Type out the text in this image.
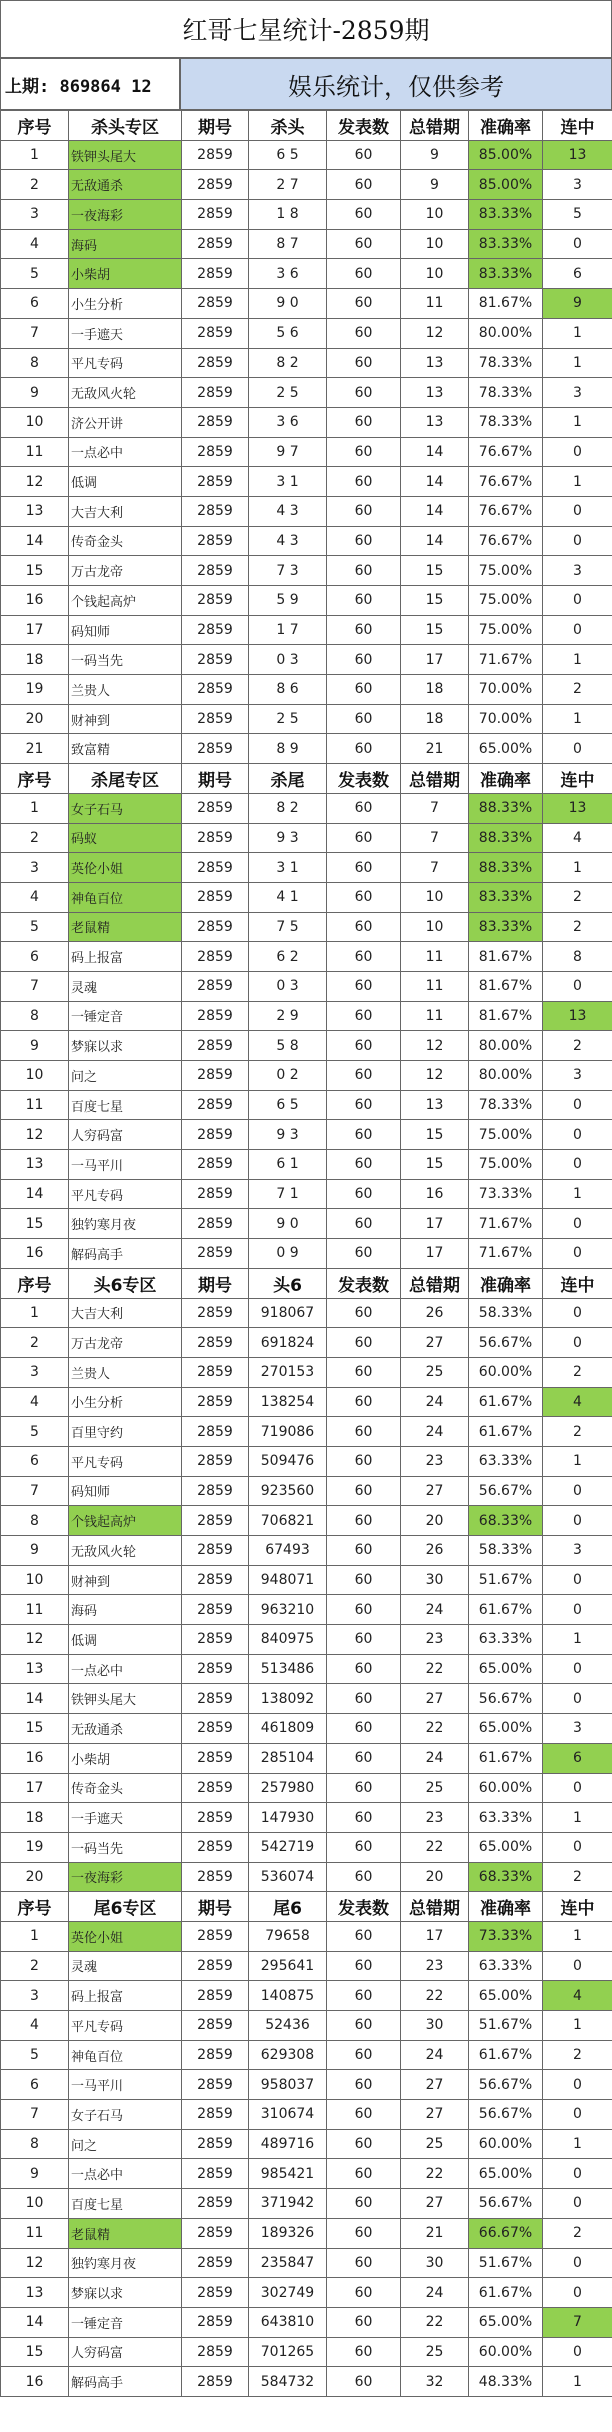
红哥七星统计-2859期
上期: 869864 12	娱乐统计，仅供参考
序号	杀头专区	期号	杀头	发表数	总错期	准确率	连中
1	铁钾头尾大	2859	6 5	60	9	85.00%	13
2	无敌通杀	2859	2 7	60	9	85.00%	3
3	一夜海彩	2859	1 8	60	10	83.33%	5
4	海码	2859	8 7	60	10	83.33%	0
5	小柴胡	2859	3 6	60	10	83.33%	6
6	小生分析	2859	9 0	60	11	81.67%	9
7	一手遮天	2859	5 6	60	12	80.00%	1
8	平凡专码	2859	8 2	60	13	78.33%	1
9	无敌风火轮	2859	2 5	60	13	78.33%	3
10	济公开讲	2859	3 6	60	13	78.33%	1
11	一点必中	2859	9 7	60	14	76.67%	0
12	低调	2859	3 1	60	14	76.67%	1
13	大吉大利	2859	4 3	60	14	76.67%	0
14	传奇金头	2859	4 3	60	14	76.67%	0
15	万古龙帝	2859	7 3	60	15	75.00%	3
16	个钱起高炉	2859	5 9	60	15	75.00%	0
17	码知师	2859	1 7	60	15	75.00%	0
18	一码当先	2859	0 3	60	17	71.67%	1
19	兰贵人	2859	8 6	60	18	70.00%	2
20	财神到	2859	2 5	60	18	70.00%	1
21	致富精	2859	8 9	60	21	65.00%	0
序号	杀尾专区	期号	杀尾	发表数	总错期	准确率	连中
1	女子石马	2859	8 2	60	7	88.33%	13
2	码蚁	2859	9 3	60	7	88.33%	4
3	英伦小姐	2859	3 1	60	7	88.33%	1
4	神龟百位	2859	4 1	60	10	83.33%	2
5	老鼠精	2859	7 5	60	10	83.33%	2
6	码上报富	2859	6 2	60	11	81.67%	8
7	灵魂	2859	0 3	60	11	81.67%	0
8	一锤定音	2859	2 9	60	11	81.67%	13
9	梦寐以求	2859	5 8	60	12	80.00%	2
10	问之	2859	0 2	60	12	80.00%	3
11	百度七星	2859	6 5	60	13	78.33%	0
12	人穷码富	2859	9 3	60	15	75.00%	0
13	一马平川	2859	6 1	60	15	75.00%	0
14	平凡专码	2859	7 1	60	16	73.33%	1
15	独钓寒月夜	2859	9 0	60	17	71.67%	0
16	解码高手	2859	0 9	60	17	71.67%	0
序号	头6专区	期号	头6	发表数	总错期	准确率	连中
1	大吉大利	2859	918067	60	26	58.33%	0
2	万古龙帝	2859	691824	60	27	56.67%	0
3	兰贵人	2859	270153	60	25	60.00%	2
4	小生分析	2859	138254	60	24	61.67%	4
5	百里守约	2859	719086	60	24	61.67%	2
6	平凡专码	2859	509476	60	23	63.33%	1
7	码知师	2859	923560	60	27	56.67%	0
8	个钱起高炉	2859	706821	60	20	68.33%	0
9	无敌风火轮	2859	67493	60	26	58.33%	3
10	财神到	2859	948071	60	30	51.67%	0
11	海码	2859	963210	60	24	61.67%	0
12	低调	2859	840975	60	23	63.33%	1
13	一点必中	2859	513486	60	22	65.00%	0
14	铁钾头尾大	2859	138092	60	27	56.67%	0
15	无敌通杀	2859	461809	60	22	65.00%	3
16	小柴胡	2859	285104	60	24	61.67%	6
17	传奇金头	2859	257980	60	25	60.00%	0
18	一手遮天	2859	147930	60	23	63.33%	1
19	一码当先	2859	542719	60	22	65.00%	0
20	一夜海彩	2859	536074	60	20	68.33%	2
序号	尾6专区	期号	尾6	发表数	总错期	准确率	连中
1	英伦小姐	2859	79658	60	17	73.33%	1
2	灵魂	2859	295641	60	23	63.33%	0
3	码上报富	2859	140875	60	22	65.00%	4
4	平凡专码	2859	52436	60	30	51.67%	1
5	神龟百位	2859	629308	60	24	61.67%	2
6	一马平川	2859	958037	60	27	56.67%	0
7	女子石马	2859	310674	60	27	56.67%	0
8	问之	2859	489716	60	25	60.00%	1
9	一点必中	2859	985421	60	22	65.00%	0
10	百度七星	2859	371942	60	27	56.67%	0
11	老鼠精	2859	189326	60	21	66.67%	2
12	独钓寒月夜	2859	235847	60	30	51.67%	0
13	梦寐以求	2859	302749	60	24	61.67%	0
14	一锤定音	2859	643810	60	22	65.00%	7
15	人穷码富	2859	701265	60	25	60.00%	0
16	解码高手	2859	584732	60	32	48.33%	1
